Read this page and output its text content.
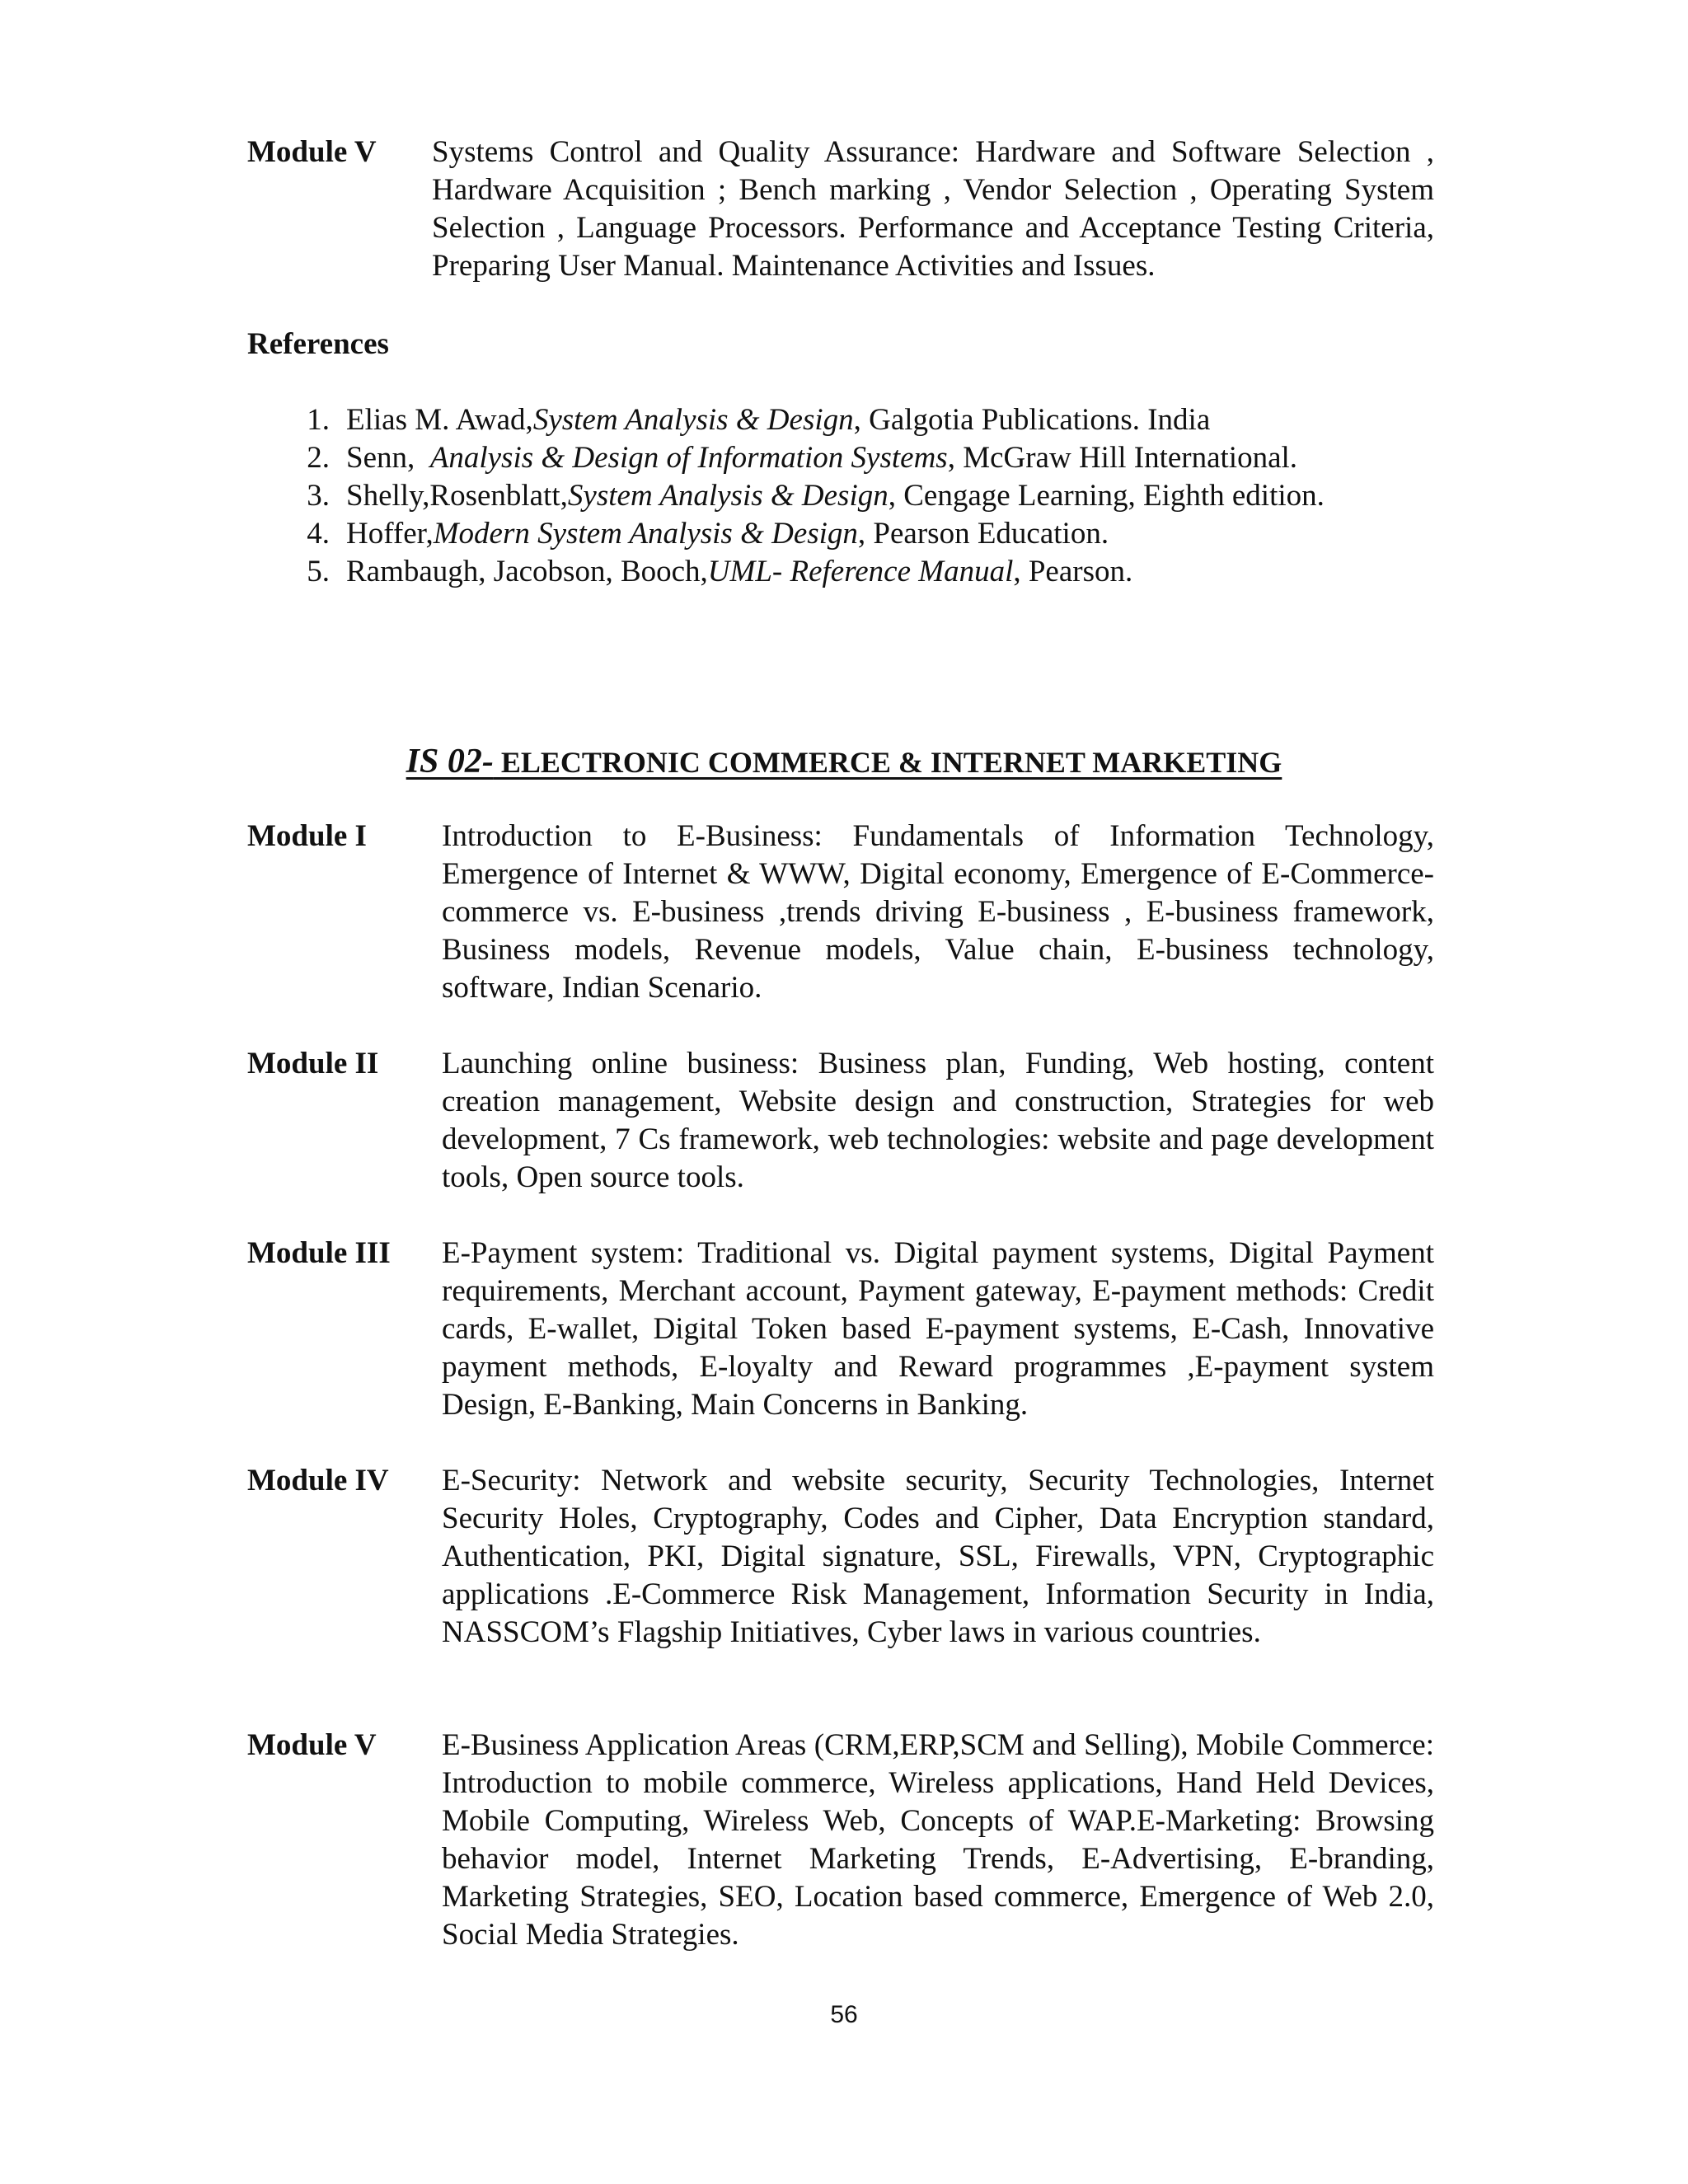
Module V	Systems Control and Quality Assurance: Hardware and Software Selection , Hardware Acquisition ; Bench marking , Vendor Selection , Operating System Selection , Language Processors. Performance and Acceptance Testing Criteria, Preparing User Manual. Maintenance Activities and Issues.
References
1. Elias M. Awad, System Analysis & Design , Galgotia Publications. India
2. Senn, Analysis & Design of Information Systems , McGraw Hill International.
3. Shelly,Rosenblatt, System Analysis & Design , Cengage Learning, Eighth edition.
4. Hoffer, Modern System Analysis & Design , Pearson Education.
5. Rambaugh, Jacobson, Booch, UML- Reference Manual , Pearson.
IS 02- ELECTRONIC COMMERCE & INTERNET MARKETING
Module I	Introduction to E-Business: Fundamentals of Information Technology, Emergence of Internet & WWW, Digital economy, Emergence of E-Commerce-commerce vs. E-business ,trends driving E-business , E-business framework, Business models, Revenue models, Value chain, E-business technology, software, Indian Scenario.
Module II	Launching online business: Business plan, Funding, Web hosting, content creation management, Website design and construction, Strategies for web development, 7 Cs framework, web technologies: website and page development tools, Open source tools.
Module III	E-Payment system: Traditional vs. Digital payment systems, Digital Payment requirements, Merchant account, Payment gateway, E-payment methods: Credit cards, E-wallet, Digital Token based E-payment systems, E-Cash, Innovative payment methods, E-loyalty and Reward programmes ,E-payment system Design, E-Banking, Main Concerns in Banking.
Module IV	E-Security: Network and website security, Security Technologies, Internet Security Holes, Cryptography, Codes and Cipher, Data Encryption standard, Authentication, PKI, Digital signature, SSL, Firewalls, VPN, Cryptographic applications .E-Commerce Risk Management, Information Security in India, NASSCOM’s Flagship Initiatives, Cyber laws in various countries.
Module V	E-Business Application Areas (CRM,ERP,SCM and Selling), Mobile Commerce: Introduction to mobile commerce, Wireless applications, Hand Held Devices, Mobile Computing, Wireless Web, Concepts of WAP.E-Marketing: Browsing behavior model, Internet Marketing Trends, E-Advertising, E-branding, Marketing Strategies, SEO, Location based commerce, Emergence of Web 2.0, Social Media Strategies.
56
